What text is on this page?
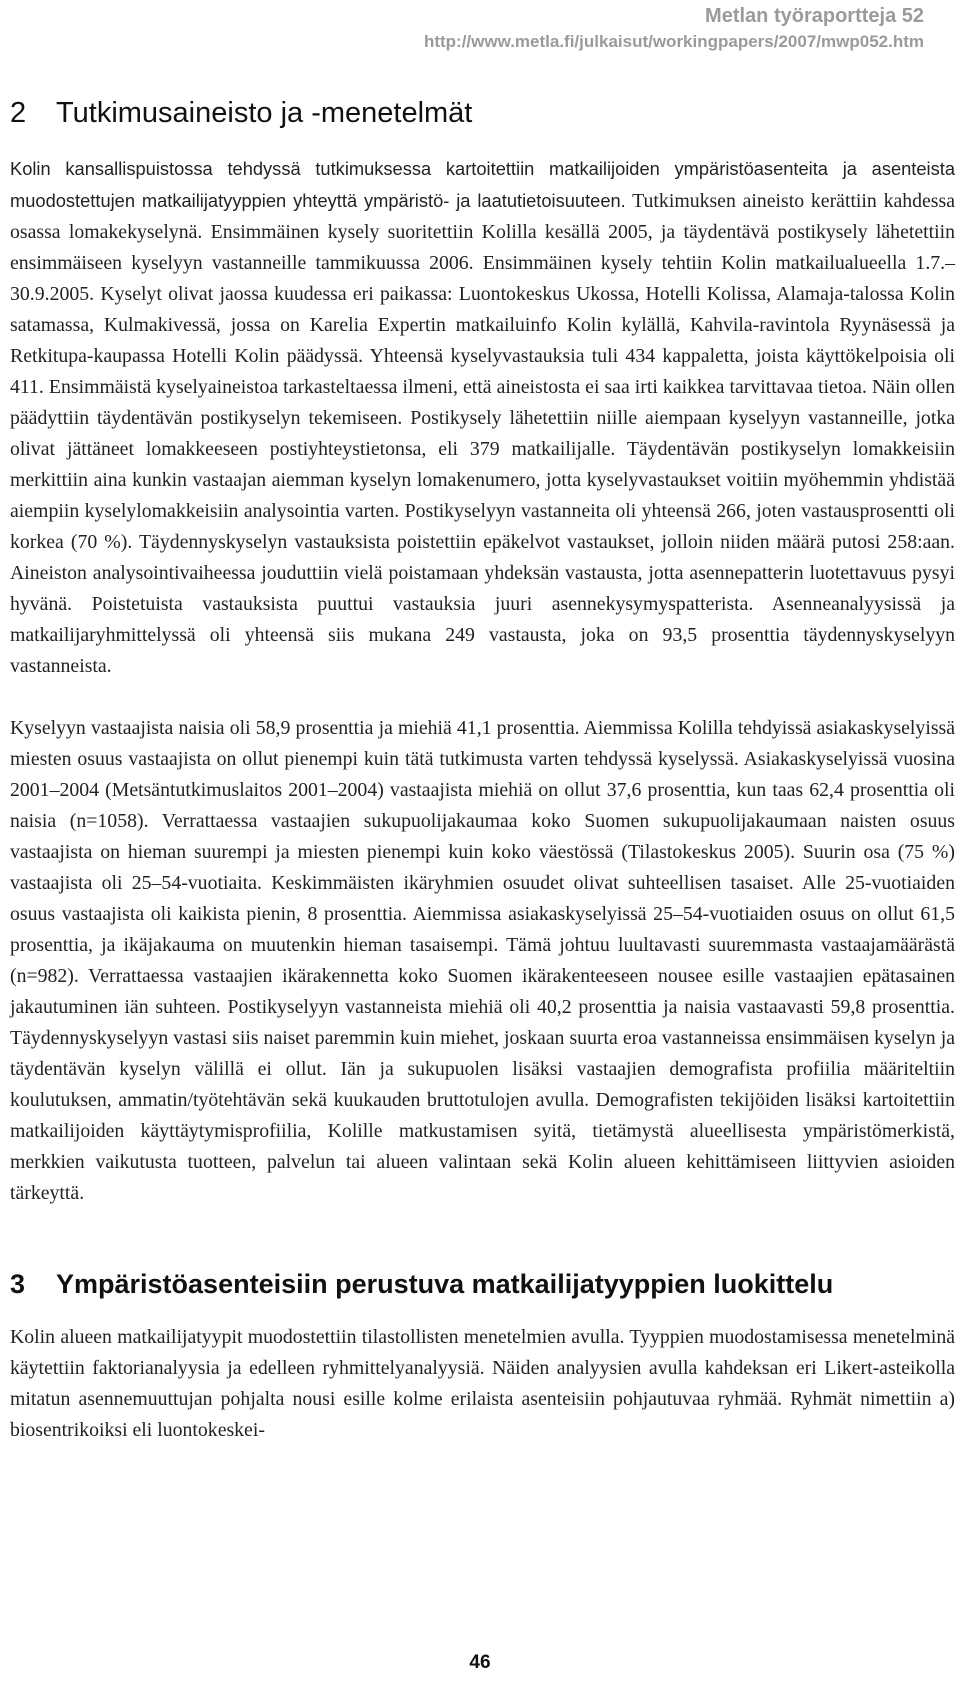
Metlan työraportteja 52
http://www.metla.fi/julkaisut/workingpapers/2007/mwp052.htm
2 Tutkimusaineisto ja -menetelmät

Kolin kansallispuistossa tehdyssä tutkimuksessa kartoitettiin matkailijoiden ympäristöasenteita ja asenteista muodostettujen matkailijatyyppien yhteyttä ympäristö- ja laatutietoisuuteen. Tutkimuksen aineisto kerättiin kahdessa osassa lomakekyselynä. Ensimmäinen kysely suoritettiin Kolilla kesällä 2005, ja täydentävä postikysely lähetettiin ensimmäiseen kyselyyn vastanneille tammikuussa 2006. Ensimmäinen kysely tehtiin Kolin matkailualueella 1.7.–30.9.2005. Kyselyt olivat jaossa kuudessa eri paikassa: Luontokeskus Ukossa, Hotelli Kolissa, Alamaja-talossa Kolin satamassa, Kulmakivessä, jossa on Karelia Expertin matkailuinfo Kolin kylällä, Kahvila-ravintola Ryynäsessä ja Retkitupa-kaupassa Hotelli Kolin päädyssä. Yhteensä kyselyvastauksia tuli 434 kappaletta, joista käyttökelpoisia oli 411. Ensimmäistä kyselyaineistoa tarkasteltaessa ilmeni, että aineistosta ei saa irti kaikkea tarvittavaa tietoa. Näin ollen päädyttiin täydentävän postikyselyn tekemiseen. Postikysely lähetettiin niille aiempaan kyselyyn vastanneille, jotka olivat jättäneet lomakkeeseen postiyhteystietonsa, eli 379 matkailijalle. Täydentävän postikyselyn lomakkeisiin merkittiin aina kunkin vastaajan aiemman kyselyn lomakenumero, jotta kyselyvastaukset voitiin myöhemmin yhdistää aiempiin kyselylomakkeisiin analysointia varten. Postikyselyyn vastanneita oli yhteensä 266, joten vastausprosentti oli korkea (70 %). Täydennyskyselyn vastauksista poistettiin epäkelvot vastaukset, jolloin niiden määrä putosi 258:aan. Aineiston analysointivaiheessa jouduttiin vielä poistamaan yhdeksän vastausta, jotta asennepatterin luotettavuus pysyi hyvänä. Poistetuista vastauksista puuttui vastauksia juuri asennekysymyspatterista. Asenneanalyysissä ja matkailijaryhmittelyssä oli yhteensä siis mukana 249 vastausta, joka on 93,5 prosenttia täydennyskyselyyn vastanneista.

Kyselyyn vastaajista naisia oli 58,9 prosenttia ja miehiä 41,1 prosenttia. Aiemmissa Kolilla tehdyissä asiakaskyselyissä miesten osuus vastaajista on ollut pienempi kuin tätä tutkimusta varten tehdyssä kyselyssä. Asiakaskyselyissä vuosina 2001–2004 (Metsäntutkimuslaitos 2001–2004) vastaajista miehiä on ollut 37,6 prosenttia, kun taas 62,4 prosenttia oli naisia (n=1058). Verrattaessa vastaajien sukupuolijakaumaa koko Suomen sukupuolijakaumaan naisten osuus vastaajista on hieman suurempi ja miesten pienempi kuin koko väestössä (Tilastokeskus 2005). Suurin osa (75 %) vastaajista oli 25–54-vuotiaita. Keskimmäisten ikäryhmien osuudet olivat suhteellisen tasaiset. Alle 25-vuotiaiden osuus vastaajista oli kaikista pienin, 8 prosenttia. Aiemmissa asiakaskyselyissä 25–54-vuotiaiden osuus on ollut 61,5 prosenttia, ja ikäjakauma on muutenkin hieman tasaisempi. Tämä johtuu luultavasti suuremmasta vastaajamäärästä (n=982). Verrattaessa vastaajien ikärakennetta koko Suomen ikärakenteeseen nousee esille vastaajien epätasainen jakautuminen iän suhteen. Postikyselyyn vastanneista miehiä oli 40,2 prosenttia ja naisia vastaavasti 59,8 prosenttia. Täydennyskyselyyn vastasi siis naiset paremmin kuin miehet, joskaan suurta eroa vastanneissa ensimmäisen kyselyn ja täydentävän kyselyn välillä ei ollut. Iän ja sukupuolen lisäksi vastaajien demografista profiilia määriteltiin koulutuksen, ammatin/työtehtävän sekä kuukauden bruttotulojen avulla. Demografisten tekijöiden lisäksi kartoitettiin matkailijoiden käyttäytymisprofiilia, Kolille matkustamisen syitä, tietämystä alueellisesta ympäristömerkistä, merkkien vaikutusta tuotteen, palvelun tai alueen valintaan sekä Kolin alueen kehittämiseen liittyvien asioiden tärkeyttä.

3 Ympäristöasenteisiin perustuva matkailijatyyppien luokittelu

Kolin alueen matkailijatyypit muodostettiin tilastollisten menetelmien avulla. Tyyppien muodostamisessa menetelminä käytettiin faktorianalyysia ja edelleen ryhmittelyanalyysiä. Näiden analyysien avulla kahdeksan eri Likert-asteikolla mitatun asennemuuttujan pohjalta nousi esille kolme erilaista asenteisiin pohjautuvaa ryhmää. Ryhmät nimettiin a) biosentrikoiksi eli luontokeskei-

46
